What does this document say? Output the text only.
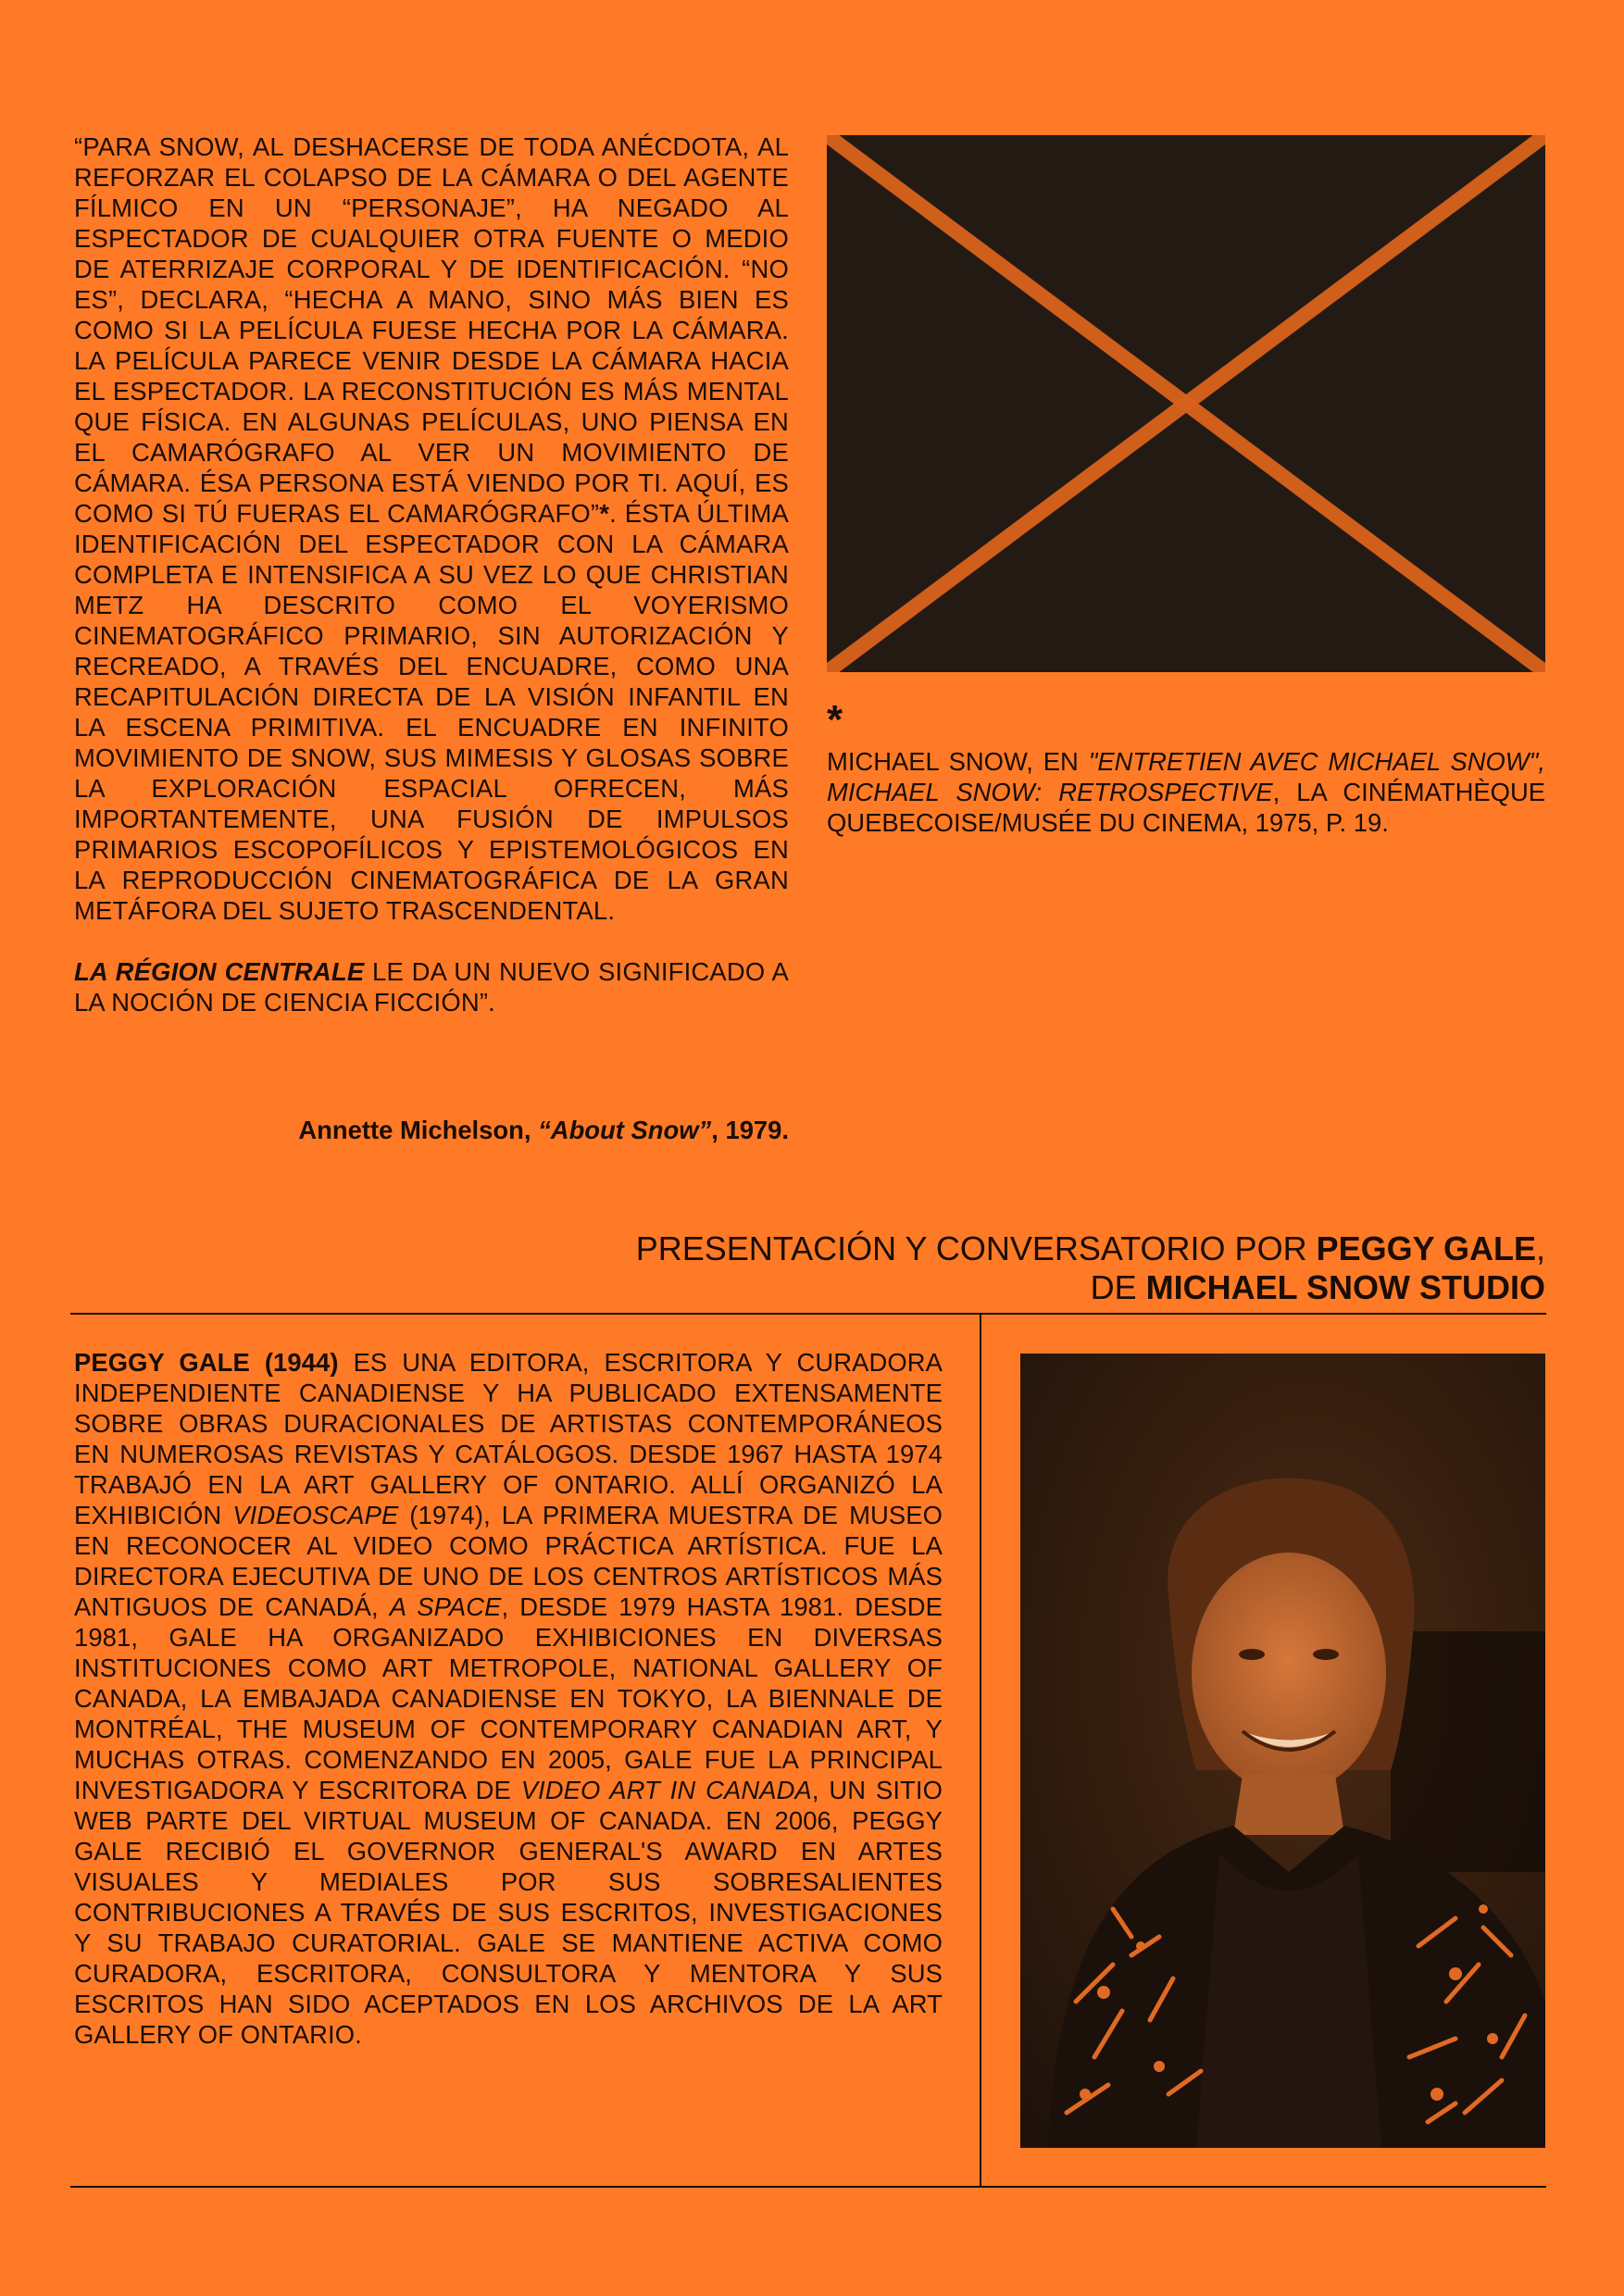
“PARA SNOW, AL DESHACERSE DE TODA ANÉCDOTA, AL REFORZAR EL COLAPSO DE LA CÁMARA O DEL AGENTE FÍLMICO EN UN “PERSONAJE”, HA NEGADO AL ESPECTADOR DE CUALQUIER OTRA FUENTE O MEDIO DE ATERRIZAJE CORPORAL Y DE IDENTIFICACIÓN. “NO ES”, DECLARA, “HECHA A MANO, SINO MÁS BIEN ES COMO SI LA PELÍCULA FUESE HECHA POR LA CÁMARA. LA PELÍCULA PARECE VENIR DESDE LA CÁMARA HACIA EL ESPECTADOR. LA RECONSTITUCIÓN ES MÁS MENTAL QUE FÍSICA. EN ALGUNAS PELÍCULAS, UNO PIENSA EN EL CAMARÓGRAFO AL VER UN MOVIMIENTO DE CÁMARA. ÉSA PERSONA ESTÁ VIENDO POR TI. AQUÍ, ES COMO SI TÚ FUERAS EL CAMARÓGRAFO”*. ÉSTA ÚLTIMA IDENTIFICACIÓN DEL ESPECTADOR CON LA CÁMARA COMPLETA E INTENSIFICA A SU VEZ LO QUE CHRISTIAN METZ HA DESCRITO COMO EL VOYERISMO CINEMATOGRÁFICO PRIMARIO, SIN AUTORIZACIÓN Y RECREADO, A TRAVÉS DEL ENCUADRE, COMO UNA RECAPITULACIÓN DIRECTA DE LA VISIÓN INFANTIL EN LA ESCENA PRIMITIVA. EL ENCUADRE EN INFINITO MOVIMIENTO DE SNOW, SUS MIMESIS Y GLOSAS SOBRE LA EXPLORACIÓN ESPACIAL OFRECEN, MÁS IMPORTANTEMENTE, UNA FUSIÓN DE IMPULSOS PRIMARIOS ESCOPOFÍLICOS Y EPISTEMOLÓGICOS EN LA REPRODUCCIÓN CINEMATOGRÁFICA DE LA GRAN METÁFORA DEL SUJETO TRASCENDENTAL.

LA RÉGION CENTRALE LE DA UN NUEVO SIGNIFICADO A LA NOCIÓN DE CIENCIA FICCIÓN”.

Annette Michelson, “About Snow”, 1979.

*

MICHAEL SNOW, EN "ENTRETIEN AVEC MICHAEL SNOW", MICHAEL SNOW: RETROSPECTIVE, LA CINÉMATHÈQUE QUEBECOISE/MUSÉE DU CINEMA, 1975, P. 19.

PRESENTACIÓN Y CONVERSATORIO POR PEGGY GALE,
DE MICHAEL SNOW STUDIO

PEGGY GALE (1944) ES UNA EDITORA, ESCRITORA Y CURADORA INDEPENDIENTE CANADIENSE Y HA PUBLICADO EXTENSAMENTE SOBRE OBRAS DURACIONALES DE ARTISTAS CONTEMPORÁNEOS EN NUMEROSAS REVISTAS Y CATÁLOGOS. DESDE 1967 HASTA 1974 TRABAJÓ EN LA ART GALLERY OF ONTARIO. ALLÍ ORGANIZÓ LA EXHIBICIÓN VIDEOSCAPE (1974), LA PRIMERA MUESTRA DE MUSEO EN RECONOCER AL VIDEO COMO PRÁCTICA ARTÍSTICA. FUE LA DIRECTORA EJECUTIVA DE UNO DE LOS CENTROS ARTÍSTICOS MÁS ANTIGUOS DE CANADÁ, A SPACE, DESDE 1979 HASTA 1981. DESDE 1981, GALE HA ORGANIZADO EXHIBICIONES EN DIVERSAS INSTITUCIONES COMO ART METROPOLE, NATIONAL GALLERY OF CANADA, LA EMBAJADA CANADIENSE EN TOKYO, LA BIENNALE DE MONTRÉAL, THE MUSEUM OF CONTEMPORARY CANADIAN ART, Y MUCHAS OTRAS. COMENZANDO EN 2005, GALE FUE LA PRINCIPAL INVESTIGADORA Y ESCRITORA DE VIDEO ART IN CANADA, UN SITIO WEB PARTE DEL VIRTUAL MUSEUM OF CANADA. EN 2006, PEGGY GALE RECIBIÓ EL GOVERNOR GENERAL'S AWARD EN ARTES VISUALES Y MEDIALES POR SUS SOBRESALIENTES CONTRIBUCIONES A TRAVÉS DE SUS ESCRITOS, INVESTIGACIONES Y SU TRABAJO CURATORIAL. GALE SE MANTIENE ACTIVA COMO CURADORA, ESCRITORA, CONSULTORA Y MENTORA Y SUS ESCRITOS HAN SIDO ACEPTADOS EN LOS ARCHIVOS DE LA ART GALLERY OF ONTARIO.
